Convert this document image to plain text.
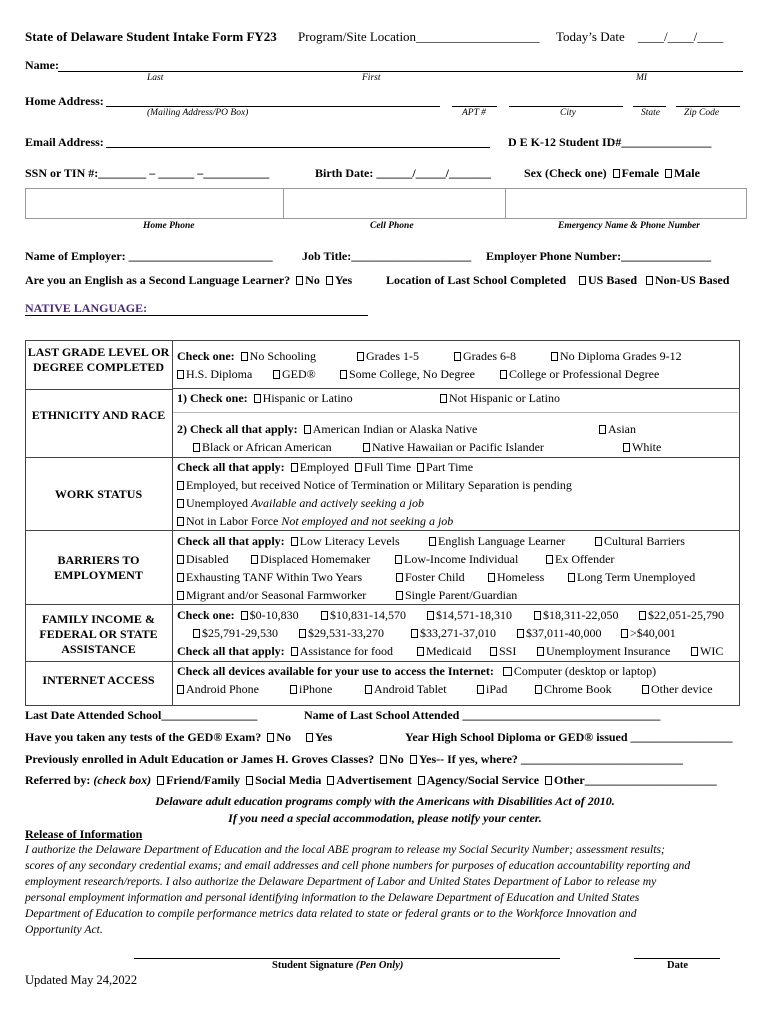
State of Delaware Student Intake Form FY23 Program/Site Location___________________ Today’s Date ____/____/____
Name:
Last	First	MI
Home Address:
(Mailing Address/PO Box)	APT #	City	State	Zip Code
Email Address:	D E K-12 Student ID#_______________
SSN or TIN #:________ – ______ –___________	Birth Date: ______/_____/_______	Sex (Check one) Female Male
Home Phone	Cell Phone	Emergency Name & Phone Number
Name of Employer: ________________________ Job Title:____________________ Employer Phone Number:_______________
Are you an English as a Second Language Learner? No Yes	Location of Last School Completed US Based Non-US Based
NATIVE LANGUAGE:
LAST GRADE LEVEL OR DEGREE COMPLETED
Check one: No Schooling	Grades 1-5	Grades 6-8	No Diploma Grades 9-12
H.S. Diploma	GED®	Some College, No Degree	College or Professional Degree
ETHNICITY AND RACE
1) Check one: Hispanic or Latino	Not Hispanic or Latino
2) Check all that apply: American Indian or Alaska Native	Asian
Black or African American	Native Hawaiian or Pacific Islander	White
WORK STATUS
Check all that apply: Employed Full Time Part Time
Employed, but received Notice of Termination or Military Separation is pending
Unemployed Available and actively seeking a job
Not in Labor Force Not employed and not seeking a job
BARRIERS TO EMPLOYMENT
Check all that apply: Low Literacy Levels	English Language Learner	Cultural Barriers
Disabled	Displaced Homemaker	Low-Income Individual	Ex Offender
Exhausting TANF Within Two Years	Foster Child	Homeless	Long Term Unemployed
Migrant and/or Seasonal Farmworker	Single Parent/Guardian
FAMILY INCOME & FEDERAL OR STATE ASSISTANCE
Check one: $0-10,830	$10,831-14,570	$14,571-18,310	$18,311-22,050	$22,051-25,790
$25,791-29,530	$29,531-33,270	$33,271-37,010	$37,011-40,000	>$40,001
Check all that apply: Assistance for food	Medicaid	SSI	Unemployment Insurance	WIC
INTERNET ACCESS
Check all devices available for your use to access the Internet: Computer (desktop or laptop)
Android Phone	iPhone	Android Tablet	iPad	Chrome Book	Other device
Last Date Attended School________________	Name of Last School Attended _________________________________
Have you taken any tests of the GED® Exam? No Yes	Year High School Diploma or GED® issued _________________
Previously enrolled in Adult Education or James H. Groves Classes? No Yes-- If yes, where? ___________________________
Referred by: (check box) Friend/Family Social Media Advertisement Agency/Social Service Other______________________
Delaware adult education programs comply with the Americans with Disabilities Act of 2010.
If you need a special accommodation, please notify your center.
Release of Information
I authorize the Delaware Department of Education and the local ABE program to release my Social Security Number; assessment results;
scores of any secondary credential exams; and email addresses and cell phone numbers for purposes of education accountability reporting and
employment research/reports. I also authorize the Delaware Department of Labor and United States Department of Labor to release my
personal employment information and personal identifying information to the Delaware Department of Education and United States
Department of Education to compile performance metrics data related to state or federal grants or to the Workforce Innovation and
Opportunity Act.
Student Signature (Pen Only)	Date
Updated May 24,2022
